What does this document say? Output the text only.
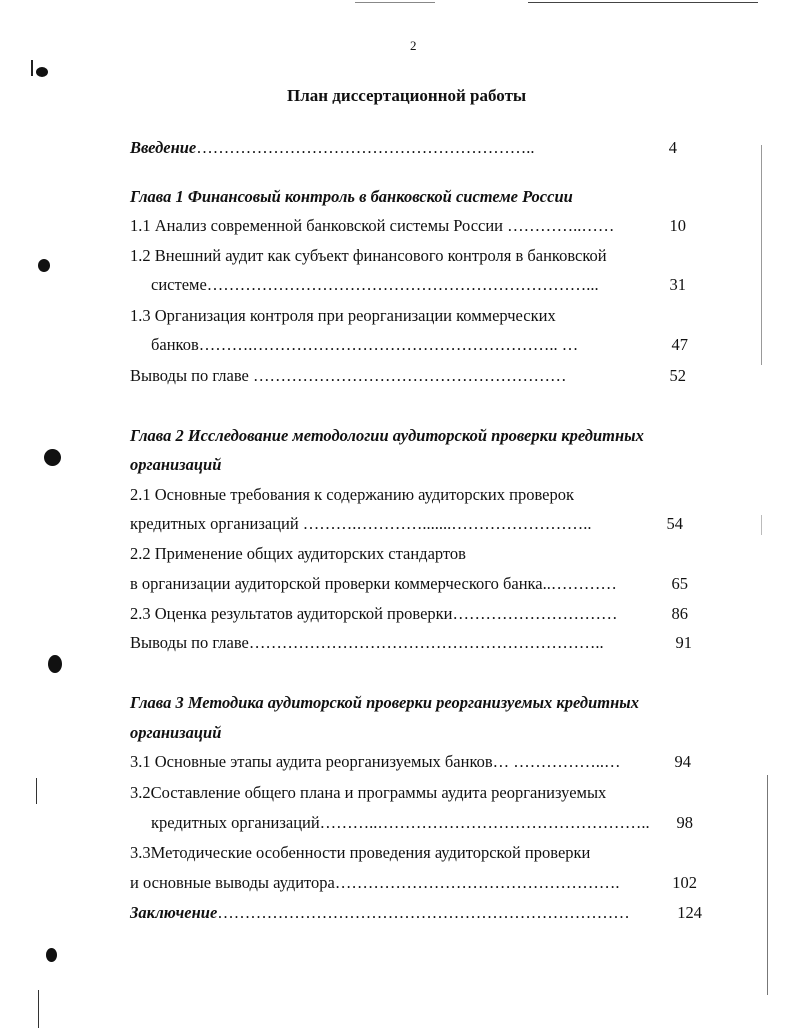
2
План диссертационной работы
Введение……………………………………………………..	4
Глава 1 Финансовый контроль в банковской системе России
1.1 Анализ современной банковской системы России …………..……	10
1.2 Внешний аудит как субъект финансового контроля в банковской
системе……………………………………………………………...	31
1.3 Организация контроля при реорганизации коммерческих
банков……….……………………………………………….. …	47
Выводы по главе …………………………………………………	52
Глава 2 Исследование методологии аудиторской проверки кредитных
организаций
2.1 Основные требования к содержанию аудиторских проверок
кредитных организаций ……….………….......……………………..	54
2.2 Применение общих аудиторских стандартов
в организации аудиторской проверки коммерческого банка..…………	65
2.3 Оценка результатов аудиторской проверки…………………………	86
Выводы по главе………………………………………………………..	91
Глава 3 Методика аудиторской проверки реорганизуемых кредитных
организаций
3.1 Основные этапы аудита реорганизуемых банков… ……………..…	94
3.2Составление общего плана и программы аудита реорганизуемых
кредитных организаций………..…………………………………………..	98
3.3Методические особенности проведения аудиторской проверки
и основные выводы аудитора…………………………………………….	102
Заключение…………………………………………………………………	124
